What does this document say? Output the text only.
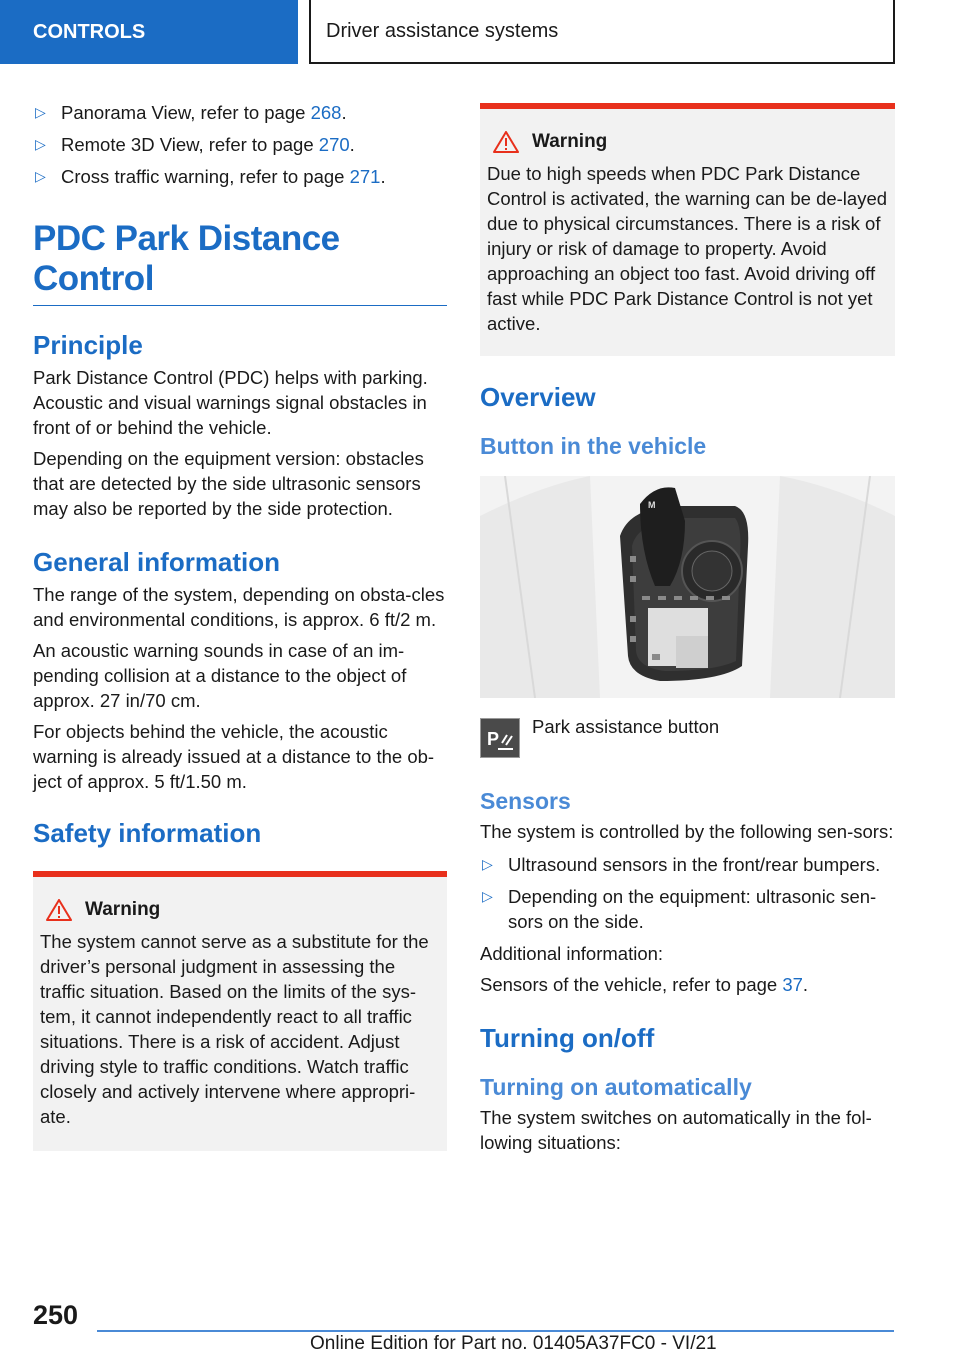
CONTROLS	Driver assistance systems
▷ Panorama View, refer to page 268.
▷ Remote 3D View, refer to page 270.
▷ Cross traffic warning, refer to page 271.
PDC Park Distance Control
Principle

Park Distance Control (PDC) helps with parking. Acoustic and visual warnings signal obstacles in front of or behind the vehicle.

Depending on the equipment version: obstacles that are detected by the side ultrasonic sensors may also be reported by the side protection.

General information

The range of the system, depending on obsta‐cles and environmental conditions, is approx. 6 ft/2 m.

An acoustic warning sounds in case of an im‐pending collision at a distance to the object of approx. 27 in/70 cm.

For objects behind the vehicle, the acoustic warning is already issued at a distance to the ob‐ject of approx. 5 ft/1.50 m.

Safety information
Warning

The system cannot serve as a substitute for the driver’s personal judgment in assessing the traffic situation. Based on the limits of the sys‐tem, it cannot independently react to all traffic situations. There is a risk of accident. Adjust driving style to traffic conditions. Watch traffic closely and actively intervene where appropri‐ate.

Warning

Due to high speeds when PDC Park Distance Control is activated, the warning can be de‐layed due to physical circumstances. There is a risk of injury or risk of damage to property. Avoid approaching an object too fast. Avoid driving off fast while PDC Park Distance Control is not yet active.

Overview
Button in the vehicle
M
P

Park assistance button

Sensors

The system is controlled by the following sen‐sors:

▷ Ultrasound sensors in the front/rear bumpers.
▷ Depending on the equipment: ultrasonic sen‐sors on the side.

Additional information:

Sensors of the vehicle, refer to page 37.

Turning on/off
Turning on automatically

The system switches on automatically in the fol‐lowing situations:

250
Online Edition for Part no. 01405A37FC0 - VI/21
